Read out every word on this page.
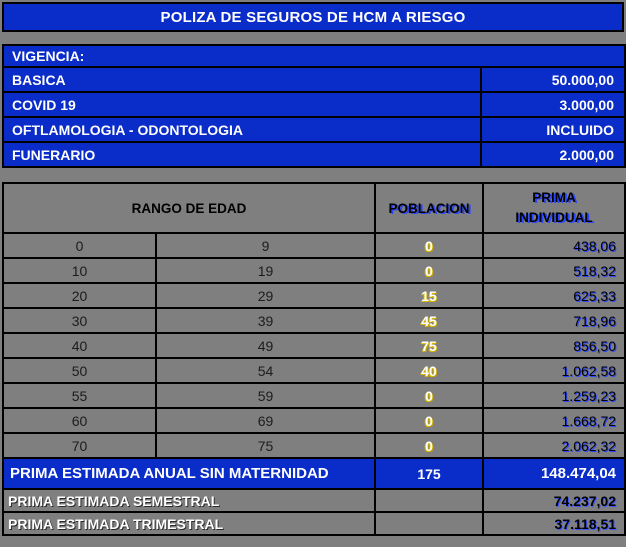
POLIZA DE SEGUROS DE HCM A RIESGO
VIGENCIA:	
BASICA	50.000,00
COVID 19	3.000,00
OFTLAMOLOGIA - ODONTOLOGIA	INCLUIDO
FUNERARIO	2.000,00
RANGO DE EDAD		POBLACION	PRIMA
INDIVIDUAL

0	9	0	438,06
10	19	0	518,32
20	29	15	625,33
30	39	45	718,96
40	49	75	856,50
50	54	40	1.062,58
55	59	0	1.259,23
60	69	0	1.668,72
70	75	0	2.062,32
PRIMA ESTIMADA ANUAL SIN MATERNIDAD		175	148.474,04
PRIMA ESTIMADA SEMESTRAL			74.237,02
PRIMA ESTIMADA TRIMESTRAL			37.118,51
